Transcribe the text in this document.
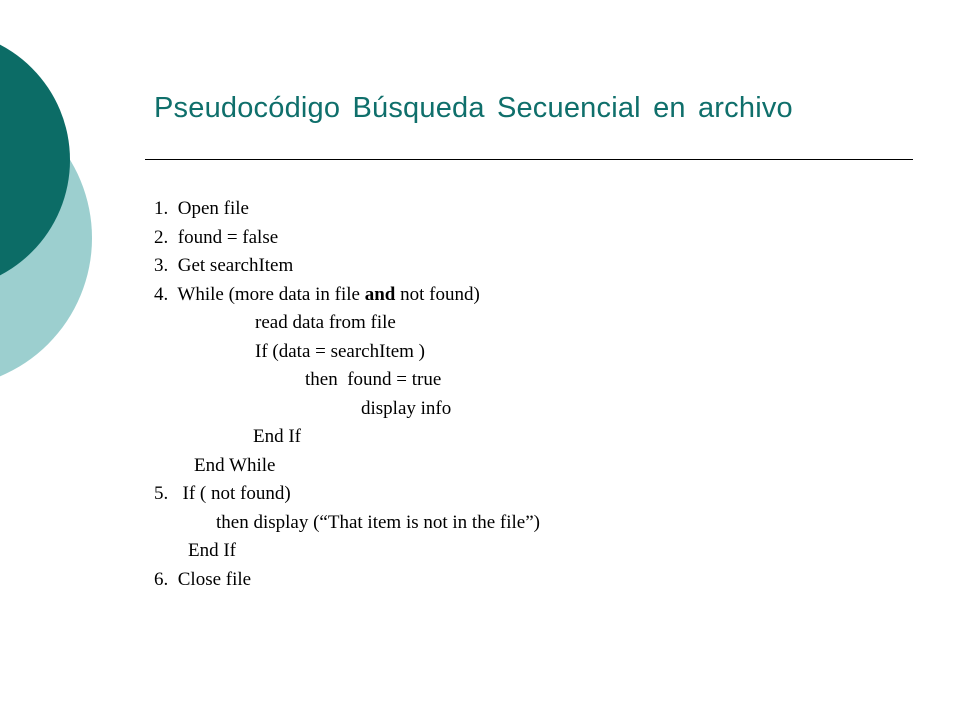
Pseudocódigo Búsqueda Secuencial en archivo
1.  Open file
2.  found = false
3.  Get searchItem
4.  While (more data in file and not found)
read data from file
If (data = searchItem )
then  found = true
display info
End If
End While
5.   If ( not found)
then display (“That item is not in the file”)
End If
6.  Close file
